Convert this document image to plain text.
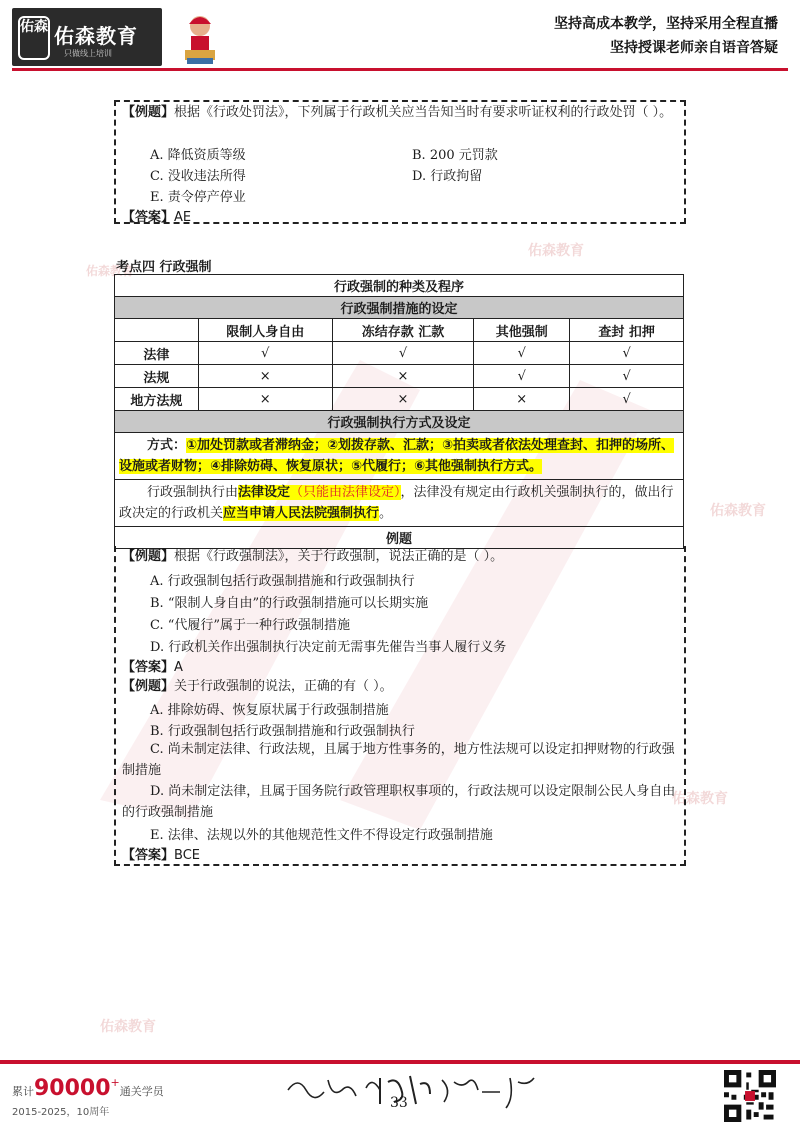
佑森 佑森教育
只做线上培训
坚持高成本教学，坚持采用全程直播
坚持授课老师亲自语音答疑
佑森教育
佑森教育
佑森教育
佑森教育
佑森教育
【例题】根据《行政处罚法》，下列属于行政机关应当告知当时有要求听证权利的行政处罚（ ）。
A. 降低资质等级	B. 200 元罚款
C. 没收违法所得	D. 行政拘留
E. 责令停产停业
【答案】AE
考点四 行政强制
行政强制的种类及程序				
行政强制措施的设定				
	限制人身自由	冻结存款 汇款	其他强制	查封 扣押
法律	√	√	√	√
法规	×	×	√	√
地方法规	×	×	×	√
行政强制执行方式及设定				
方式：①加处罚款或者滞纳金；②划拨存款、汇款；③拍卖或者依法处理查封、扣押的场所、设施或者财物；④排除妨碍、恢复原状；⑤代履行；⑥其他强制执行方式。				
行政强制执行由法律设定（只能由法律设定），法律没有规定由行政机关强制执行的，做出行政决定的行政机关应当申请人民法院强制执行。				
例题				
【例题】根据《行政强制法》，关于行政强制，说法正确的是（ ）。
A. 行政强制包括行政强制措施和行政强制执行
B. “限制人身自由”的行政强制措施可以长期实施
C. “代履行”属于一种行政强制措施
D. 行政机关作出强制执行决定前无需事先催告当事人履行义务
【答案】A
【例题】关于行政强制的说法，正确的有（ ）。
A. 排除妨碍、恢复原状属于行政强制措施
B. 行政强制包括行政强制措施和行政强制执行
C. 尚未制定法律、行政法规，且属于地方性事务的，地方性法规可以设定扣押财物的行政强制措施
D. 尚未制定法律，且属于国务院行政管理职权事项的，行政法规可以设定限制公民人身自由的行政强制措施
E. 法律、法规以外的其他规范性文件不得设定行政强制措施
【答案】BCE
累计90000+通关学员
2015-2025，10周年
33
